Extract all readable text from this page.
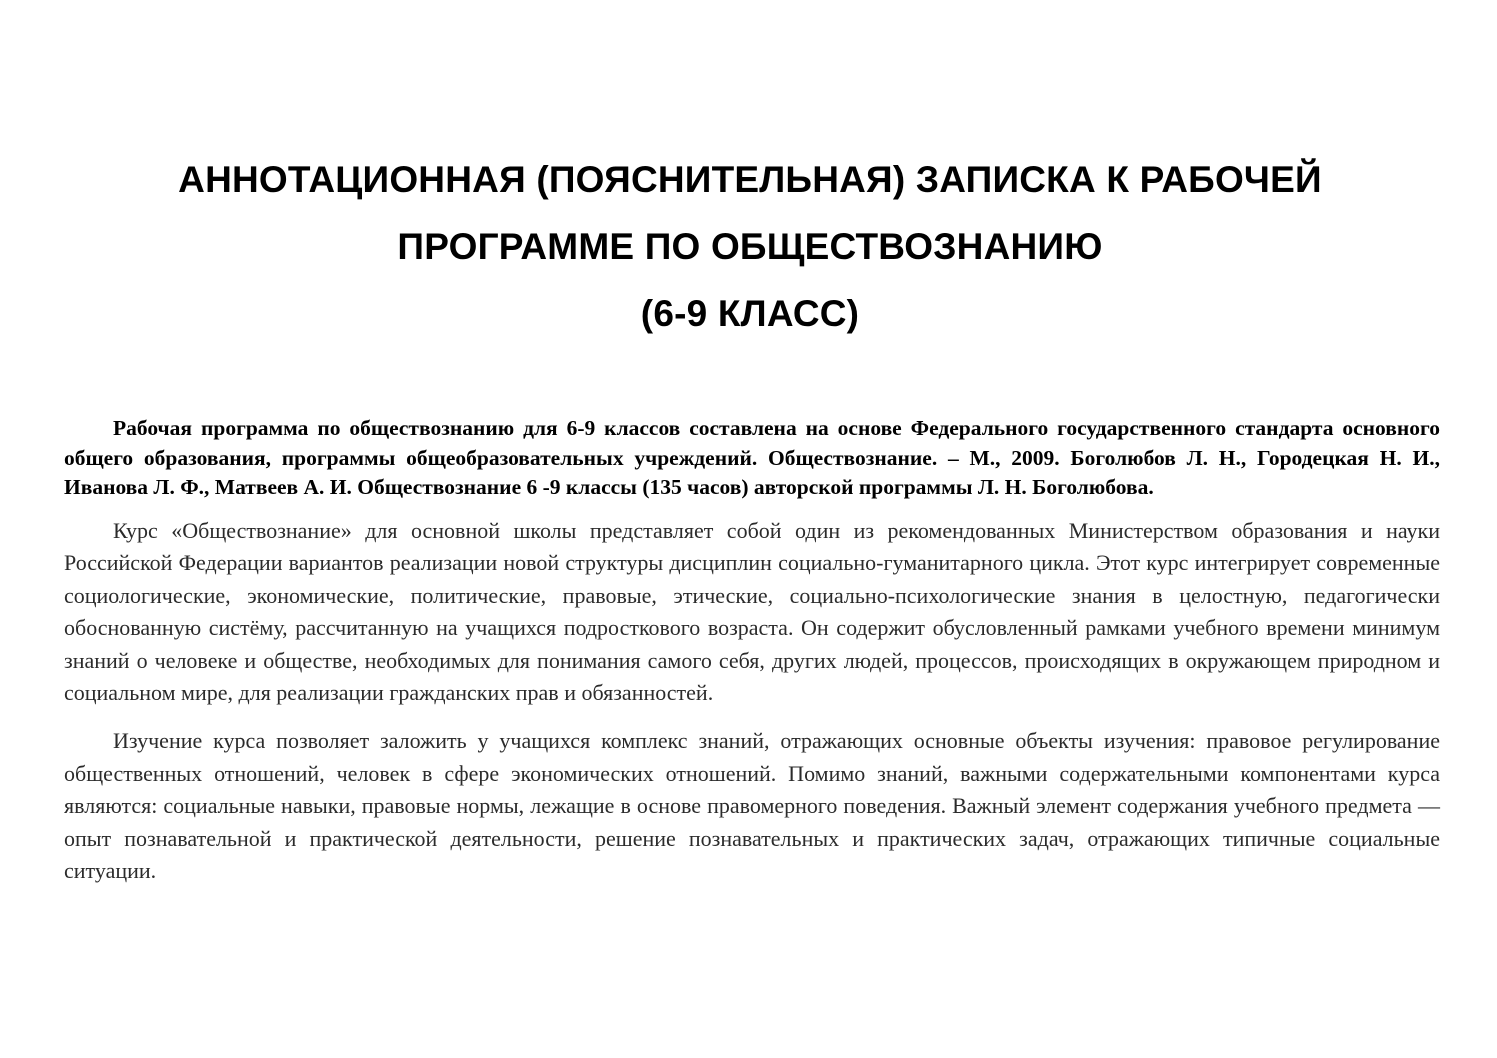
АННОТАЦИОННАЯ (ПОЯСНИТЕЛЬНАЯ) ЗАПИСКА К РАБОЧЕЙ
ПРОГРАММЕ ПО ОБЩЕСТВОЗНАНИЮ
(6-9 КЛАСС)

Рабочая программа по обществознанию для 6-9 классов составлена на основе Федерального государственного стандарта основного общего образования, программы общеобразовательных учреждений. Обществознание. – М., 2009. Боголюбов Л. Н., Городецкая Н. И., Иванова Л. Ф., Матвеев А. И. Обществознание 6 -9 классы (135 часов) авторской программы Л. Н. Боголюбова.

Курс «Обществознание» для основной школы представляет собой один из рекомендованных Министерством образования и науки Российской Федерации вариантов реализации новой структуры дисциплин социально-гуманитарного цикла. Этот курс интегрирует современные социологические, экономические, политические, правовые, этические, социально-психологические знания в целостную, педагогически обоснованную систёму, рассчитанную на учащихся подросткового возраста. Он содержит обусловленный рамками учебного времени минимум знаний о человеке и обществе, необходимых для понимания самого себя, других людей, процессов, происходящих в окружающем природном и социальном мире, для реализации гражданских прав и обязанностей.

Изучение курса позволяет заложить у учащихся комплекс знаний, отражающих основные объекты изучения: правовое регулирование общественных отношений, человек в сфере экономических отношений. Помимо знаний, важными содержательными компонентами курса являются: социальные навыки, правовые нормы, лежащие в основе правомерного поведения. Важный элемент содержания учебного предмета — опыт познавательной и практической деятельности, решение познавательных и практических задач, отражающих типичные социальные ситуации.
